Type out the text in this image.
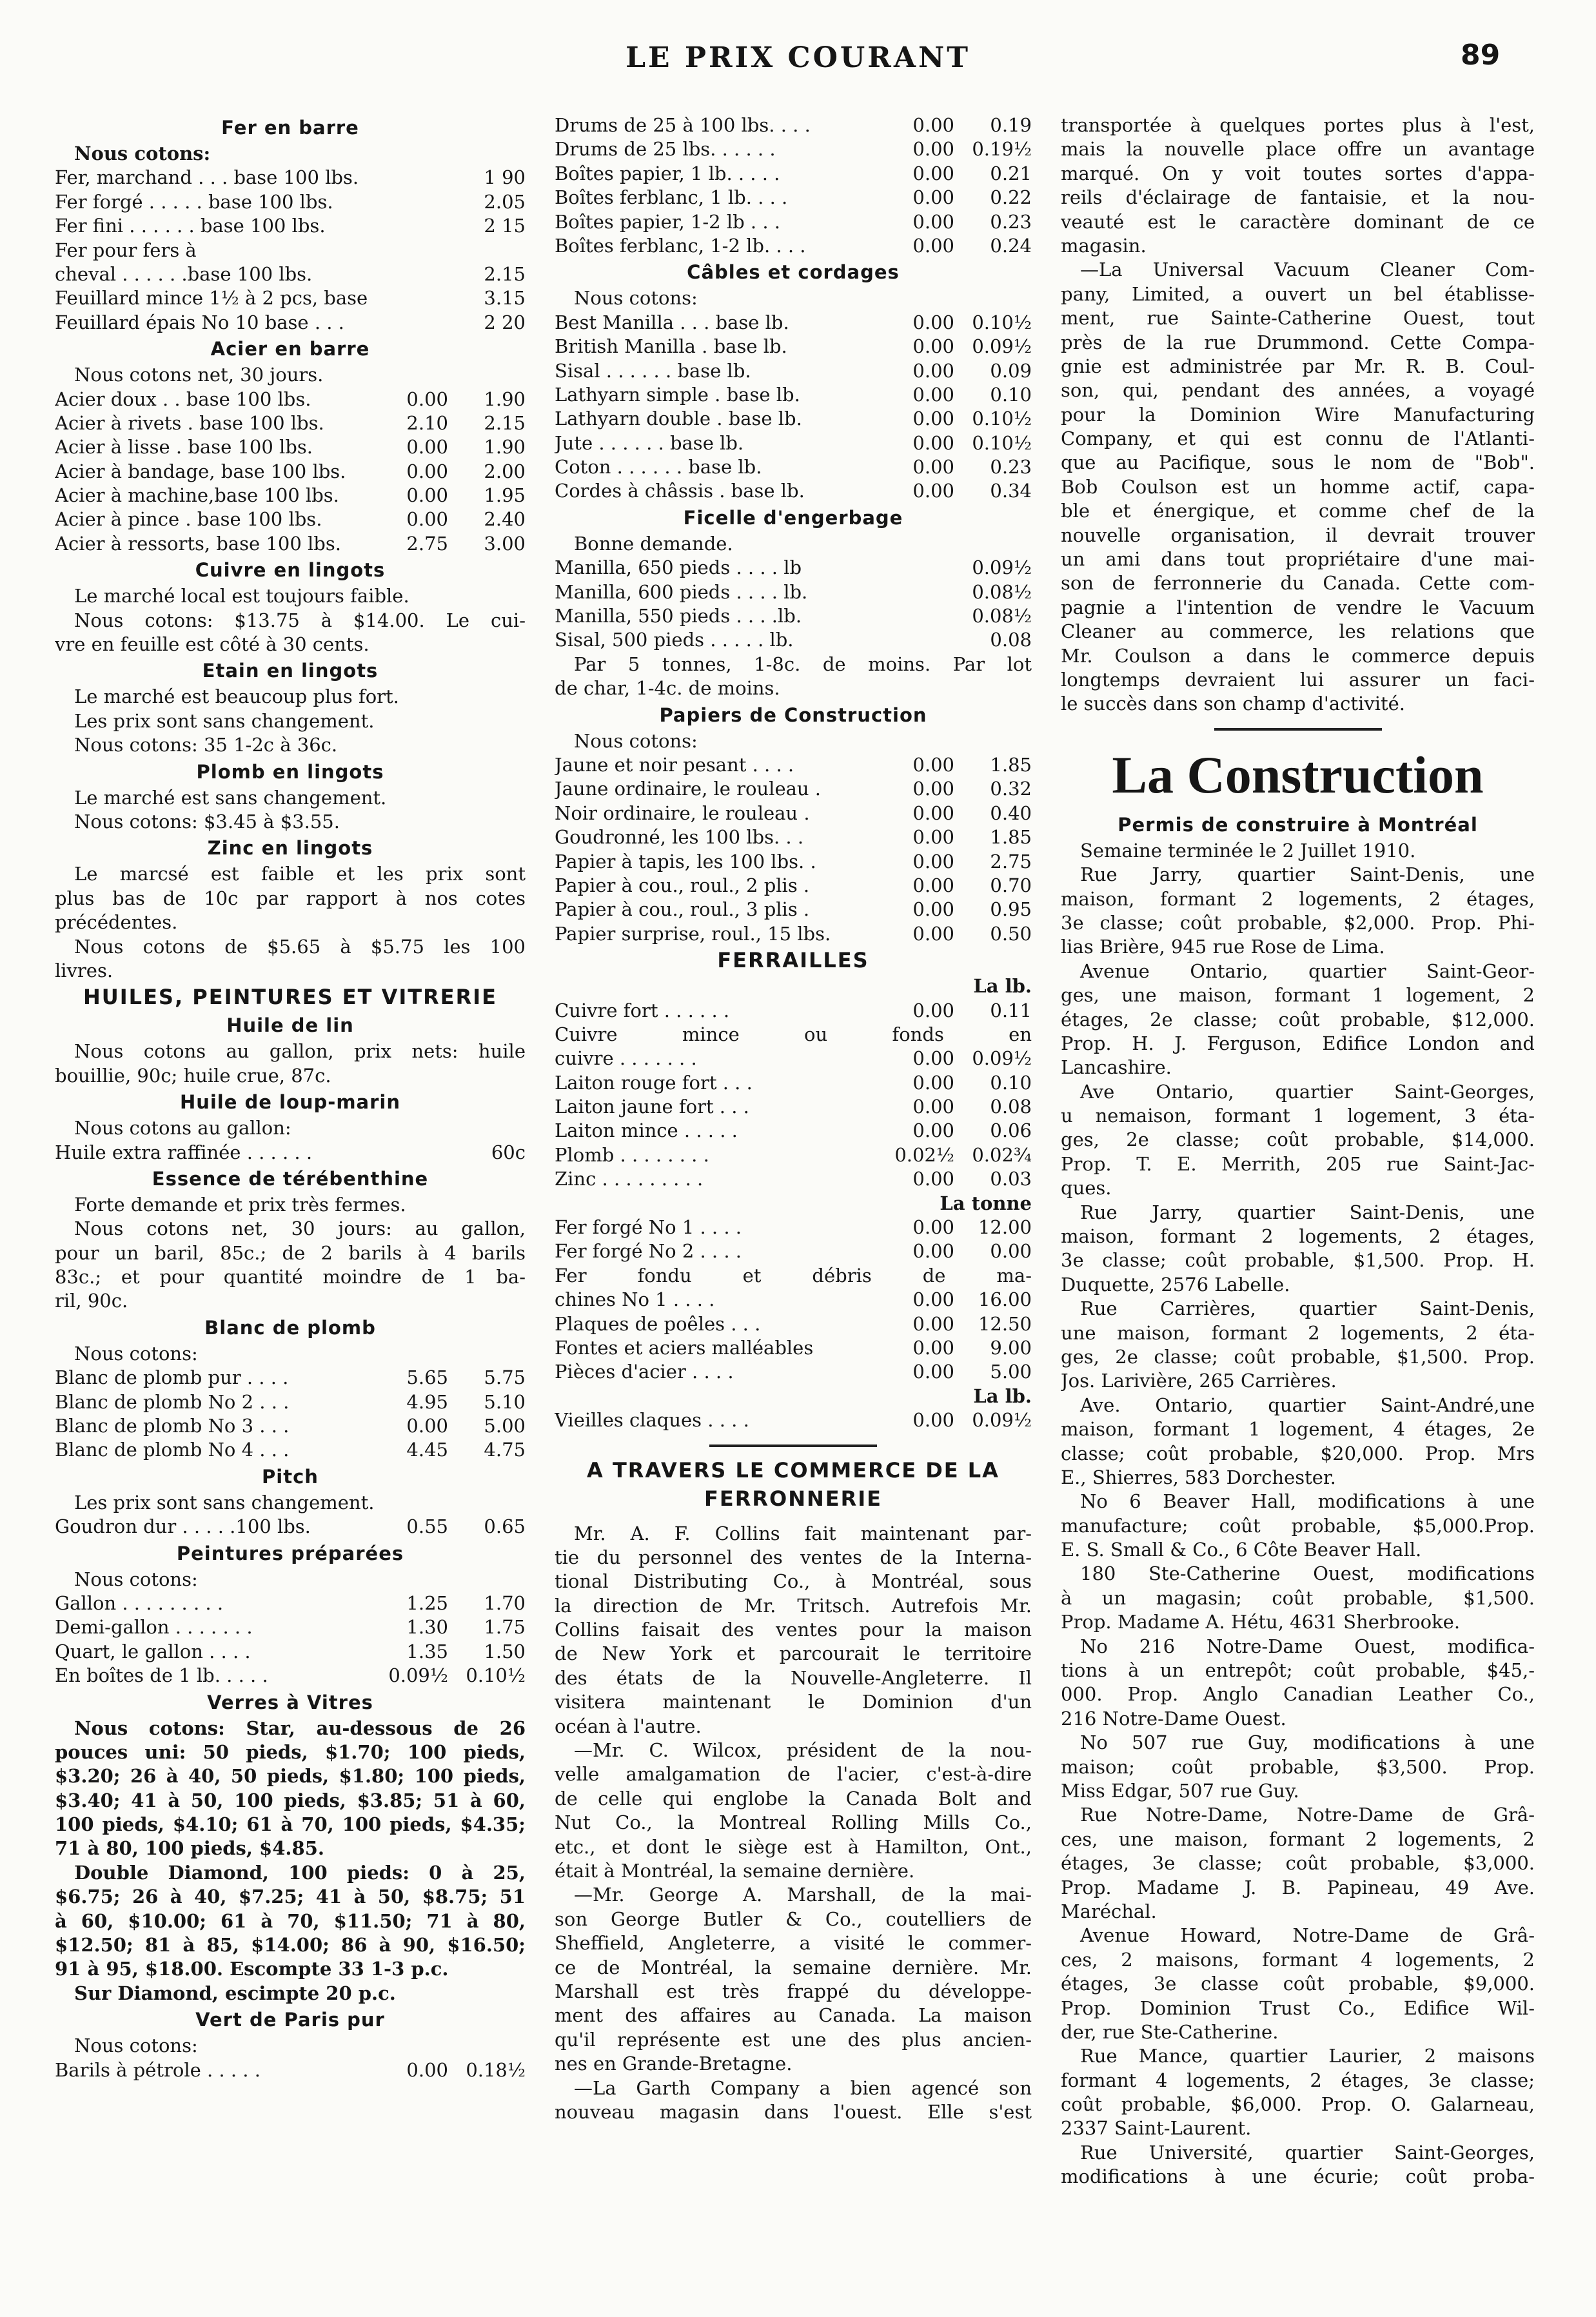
LE PRIX COURANT	89
Fer en barre
Nous cotons:
Fer, marchand . . . base 100 lbs.	1 90
Fer forgé . . . . . base 100 lbs.	2.05
Fer fini . . . . . . base 100 lbs.	2 15
Fer pour fers à
cheval . . . . . .base 100 lbs.	2.15
Feuillard mince 1½ à 2 pcs, base	3.15
Feuillard épais No 10 base . . .	2 20
Acier en barre
Nous cotons net, 30 jours.
Acier doux . . base 100 lbs.	0.00	1.90
Acier à rivets . base 100 lbs.	2.10	2.15
Acier à lisse . base 100 lbs.	0.00	1.90
Acier à bandage, base 100 lbs.	0.00	2.00
Acier à machine,base 100 lbs.	0.00	1.95
Acier à pince . base 100 lbs.	0.00	2.40
Acier à ressorts, base 100 lbs.	2.75	3.00
Cuivre en lingots
Le marché local est toujours faible.
Nous cotons: $13.75 à $14.00. Le cui-
vre en feuille est côté à 30 cents.
Etain en lingots
Le marché est beaucoup plus fort.
Les prix sont sans changement.
Nous cotons: 35 1-2c à 36c.
Plomb en lingots
Le marché est sans changement.
Nous cotons: $3.45 à $3.55.
Zinc en lingots
Le marcsé est faible et les prix sont
plus bas de 10c par rapport à nos cotes
précédentes.
Nous cotons de $5.65 à $5.75 les 100
livres.
HUILES, PEINTURES ET VITRERIE
Huile de lin
Nous cotons au gallon, prix nets: huile
bouillie, 90c; huile crue, 87c.
Huile de loup-marin
Nous cotons au gallon:
Huile extra raffinée . . . . . .	60c
Essence de térébenthine
Forte demande et prix très fermes.
Nous cotons net, 30 jours: au gallon,
pour un baril, 85c.; de 2 barils à 4 barils
83c.; et pour quantité moindre de 1 ba-
ril, 90c.
Blanc de plomb
Nous cotons:
Blanc de plomb pur . . . .	5.65	5.75
Blanc de plomb No 2 . . .	4.95	5.10
Blanc de plomb No 3 . . .	0.00	5.00
Blanc de plomb No 4 . . .	4.45	4.75
Pitch
Les prix sont sans changement.
Goudron dur . . . . .100 lbs.	0.55	0.65
Peintures préparées
Nous cotons:
Gallon . . . . . . . . .	1.25	1.70
Demi-gallon . . . . . . .	1.30	1.75
Quart, le gallon . . . .	1.35	1.50
En boîtes de 1 lb. . . . .	0.09½ 0.10½
Verres à Vitres
Nous cotons: Star, au-dessous de 26
pouces uni: 50 pieds, $1.70; 100 pieds,
$3.20; 26 à 40, 50 pieds, $1.80; 100 pieds,
$3.40; 41 à 50, 100 pieds, $3.85; 51 à 60,
100 pieds, $4.10; 61 à 70, 100 pieds, $4.35;
71 à 80, 100 pieds, $4.85.
Double Diamond, 100 pieds: 0 à 25,
$6.75; 26 à 40, $7.25; 41 à 50, $8.75; 51
à 60, $10.00; 61 à 70, $11.50; 71 à 80,
$12.50; 81 à 85, $14.00; 86 à 90, $16.50;
91 à 95, $18.00. Escompte 33 1-3 p.c.
Sur Diamond, escimpte 20 p.c.
Vert de Paris pur
Nous cotons:
Barils à pétrole . . . . .	0.00 0.18½
Drums de 25 à 100 lbs. . . .	0.00	0.19
Drums de 25 lbs. . . . . .	0.00 0.19½
Boîtes papier, 1 lb. . . . .	0.00	0.21
Boîtes ferblanc, 1 lb. . . .	0.00	0.22
Boîtes papier, 1-2 lb . . .	0.00	0.23
Boîtes ferblanc, 1-2 lb. . . .	0.00	0.24
Câbles et cordages
Nous cotons:
Best Manilla . . . base lb.	0.00 0.10½
British Manilla . base lb.	0.00 0.09½
Sisal . . . . . . base lb.	0.00	0.09
Lathyarn simple . base lb.	0.00	0.10
Lathyarn double . base lb.	0.00 0.10½
Jute . . . . . . base lb.	0.00 0.10½
Coton . . . . . . base lb.	0.00	0.23
Cordes à châssis . base lb.	0.00	0.34
Ficelle d'engerbage
Bonne demande.
Manilla, 650 pieds . . . . lb	0.09½
Manilla, 600 pieds . . . . lb.	0.08½
Manilla, 550 pieds . . . .lb.	0.08½
Sisal, 500 pieds . . . . . lb.	0.08
Par 5 tonnes, 1-8c. de moins. Par lot
de char, 1-4c. de moins.
Papiers de Construction
Nous cotons:
Jaune et noir pesant . . . .	0.00	1.85
Jaune ordinaire, le rouleau .	0.00	0.32
Noir ordinaire, le rouleau .	0.00	0.40
Goudronné, les 100 lbs. . .	0.00	1.85
Papier à tapis, les 100 lbs. .	0.00	2.75
Papier à cou., roul., 2 plis .	0.00	0.70
Papier à cou., roul., 3 plis .	0.00	0.95
Papier surprise, roul., 15 lbs.	0.00	0.50
FERRAILLES
La lb.
Cuivre fort . . . . . .	0.00	0.11
Cuivre mince ou fonds en
cuivre . . . . . . .	0.00 0.09½
Laiton rouge fort . . .	0.00	0.10
Laiton jaune fort . . .	0.00	0.08
Laiton mince . . . . .	0.00	0.06
Plomb . . . . . . . .	0.02½ 0.02¾
Zinc . . . . . . . . .	0.00	0.03
La tonne
Fer forgé No 1 . . . .	0.00	12.00
Fer forgé No 2 . . . .	0.00	0.00
Fer fondu et débris de ma-
chines No 1 . . . .	0.00	16.00
Plaques de poêles . . .	0.00	12.50
Fontes et aciers malléables	0.00	9.00
Pièces d'acier . . . .	0.00	5.00
La lb.
Vieilles claques . . . .	0.00 0.09½
A TRAVERS LE COMMERCE DE LA
FERRONNERIE
Mr. A. F. Collins fait maintenant par-
tie du personnel des ventes de la Interna-
tional Distributing Co., à Montréal, sous
la direction de Mr. Tritsch. Autrefois Mr.
Collins faisait des ventes pour la maison
de New York et parcourait le territoire
des états de la Nouvelle-Angleterre. Il
visitera maintenant le Dominion d'un
océan à l'autre.
—Mr. C. Wilcox, président de la nou-
velle amalgamation de l'acier, c'est-à-dire
de celle qui englobe la Canada Bolt and
Nut Co., la Montreal Rolling Mills Co.,
etc., et dont le siège est à Hamilton, Ont.,
était à Montréal, la semaine dernière.
—Mr. George A. Marshall, de la mai-
son George Butler & Co., coutelliers de
Sheffield, Angleterre, a visité le commer-
ce de Montréal, la semaine dernière. Mr.
Marshall est très frappé du développe-
ment des affaires au Canada. La maison
qu'il représente est une des plus ancien-
nes en Grande-Bretagne.
—La Garth Company a bien agencé son
nouveau magasin dans l'ouest. Elle s'est
transportée à quelques portes plus à l'est,
mais la nouvelle place offre un avantage
marqué. On y voit toutes sortes d'appa-
reils d'éclairage de fantaisie, et la nou-
veauté est le caractère dominant de ce
magasin.
—La Universal Vacuum Cleaner Com-
pany, Limited, a ouvert un bel établisse-
ment, rue Sainte-Catherine Ouest, tout
près de la rue Drummond. Cette Compa-
gnie est administrée par Mr. R. B. Coul-
son, qui, pendant des années, a voyagé
pour la Dominion Wire Manufacturing
Company, et qui est connu de l'Atlanti-
que au Pacifique, sous le nom de "Bob".
Bob Coulson est un homme actif, capa-
ble et énergique, et comme chef de la
nouvelle organisation, il devrait trouver
un ami dans tout propriétaire d'une mai-
son de ferronnerie du Canada. Cette com-
pagnie a l'intention de vendre le Vacuum
Cleaner au commerce, les relations que
Mr. Coulson a dans le commerce depuis
longtemps devraient lui assurer un faci-
le succès dans son champ d'activité.
La Construction
Permis de construire à Montréal
Semaine terminée le 2 Juillet 1910.
Rue Jarry, quartier Saint-Denis, une
maison, formant 2 logements, 2 étages,
3e classe; coût probable, $2,000. Prop. Phi-
lias Brière, 945 rue Rose de Lima.
Avenue Ontario, quartier Saint-Geor-
ges, une maison, formant 1 logement, 2
étages, 2e classe; coût probable, $12,000.
Prop. H. J. Ferguson, Edifice London and
Lancashire.
Ave Ontario, quartier Saint-Georges,
u nemaison, formant 1 logement, 3 éta-
ges, 2e classe; coût probable, $14,000.
Prop. T. E. Merrith, 205 rue Saint-Jac-
ques.
Rue Jarry, quartier Saint-Denis, une
maison, formant 2 logements, 2 étages,
3e classe; coût probable, $1,500. Prop. H.
Duquette, 2576 Labelle.
Rue Carrières, quartier Saint-Denis,
une maison, formant 2 logements, 2 éta-
ges, 2e classe; coût probable, $1,500. Prop.
Jos. Larivière, 265 Carrières.
Ave. Ontario, quartier Saint-André,une
maison, formant 1 logement, 4 étages, 2e
classe; coût probable, $20,000. Prop. Mrs
E., Shierres, 583 Dorchester.
No 6 Beaver Hall, modifications à une
manufacture; coût probable, $5,000.Prop.
E. S. Small & Co., 6 Côte Beaver Hall.
180 Ste-Catherine Ouest, modifications
à un magasin; coût probable, $1,500.
Prop. Madame A. Hétu, 4631 Sherbrooke.
No 216 Notre-Dame Ouest, modifica-
tions à un entrepôt; coût probable, $45,-
000. Prop. Anglo Canadian Leather Co.,
216 Notre-Dame Ouest.
No 507 rue Guy, modifications à une
maison; coût probable, $3,500. Prop.
Miss Edgar, 507 rue Guy.
Rue Notre-Dame, Notre-Dame de Grâ-
ces, une maison, formant 2 logements, 2
étages, 3e classe; coût probable, $3,000.
Prop. Madame J. B. Papineau, 49 Ave.
Maréchal.
Avenue Howard, Notre-Dame de Grâ-
ces, 2 maisons, formant 4 logements, 2
étages, 3e classe coût probable, $9,000.
Prop. Dominion Trust Co., Edifice Wil-
der, rue Ste-Catherine.
Rue Mance, quartier Laurier, 2 maisons
formant 4 logements, 2 étages, 3e classe;
coût probable, $6,000. Prop. O. Galarneau,
2337 Saint-Laurent.
Rue Université, quartier Saint-Georges,
modifications à une écurie; coût proba-
